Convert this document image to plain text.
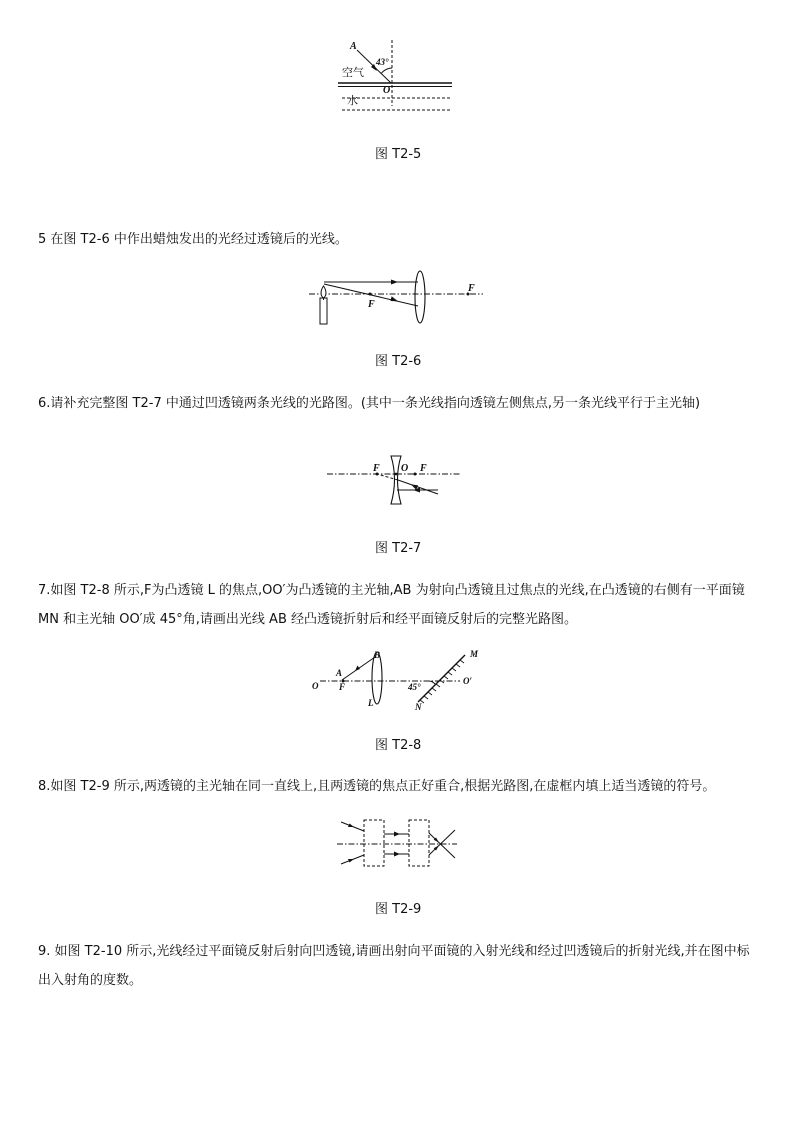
A
43°
空气
O
水
图 T2-5
5 在图 T2-6 中作出蜡烛发出的光经过透镜后的光线。
F
F
图 T2-6
6.请补充完整图 T2-7 中通过凹透镜两条光线的光路图。(其中一条光线指向透镜左侧焦点,另一条光线平行于主光轴)
F O F
图 T2-7
7.如图 T2-8 所示,F为凸透镜 L 的焦点,OO′为凸透镜的主光轴,AB 为射向凸透镜且过焦点的光线,在凸透镜的右侧有一平面镜 MN 和主光轴 OO′成 45°角,请画出光线 AB 经凸透镜折射后和经平面镜反射后的完整光路图。
B
A
O F
L
45°
M
O′
N
图 T2-8
8.如图 T2-9 所示,两透镜的主光轴在同一直线上,且两透镜的焦点正好重合,根据光路图,在虚框内填上适当透镜的符号。
图 T2-9
9. 如图 T2-10 所示,光线经过平面镜反射后射向凹透镜,请画出射向平面镜的入射光线和经过凹透镜后的折射光线,并在图中标出入射角的度数。
